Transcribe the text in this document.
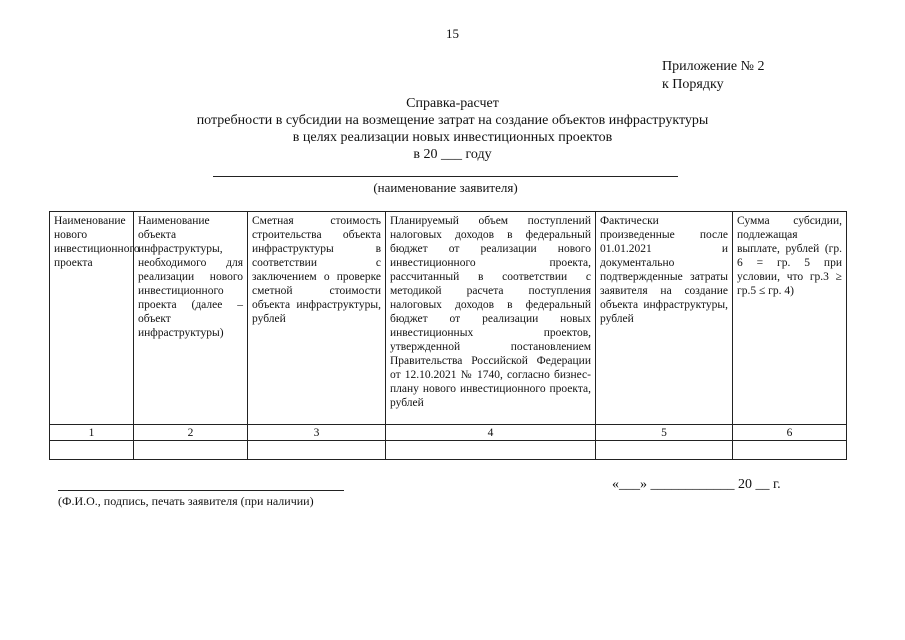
15
Приложение № 2
к Порядку
Справка-расчет
потребности в субсидии на возмещение затрат на создание объектов инфраструктуры
в целях реализации новых инвестиционных проектов
в 20 ___ году
(наименование заявителя)
Наименование нового инвестиционного проекта	Наименование объекта инфраструктуры, необходимого для реализации нового инвестиционного проекта (далее – объект инфраструктуры)	Сметная стоимость строительства объекта инфраструктуры в соответствии с заключением о проверке сметной стоимости объекта инфраструктуры, рублей	Планируемый объем поступлений налоговых доходов в федеральный бюджет от реализации нового инвестиционного проекта, рассчитанный в соответствии с методикой расчета поступления налоговых доходов в федеральный бюджет от реализации новых инвестиционных проектов, утвержденной постановлением Правительства Российской Федерации от 12.10.2021 № 1740, согласно бизнес-плану нового инвестиционного проекта, рублей	Фактически произведенные после 01.01.2021 и документально подтвержденные затраты заявителя на создание объекта инфраструктуры, рублей	Сумма субсидии, подлежащая выплате, рублей (гр. 6 = гр. 5 при условии, что гр.3 ≥ гр.5 ≤ гр. 4)
1	2	3	4	5	6

(Ф.И.О., подпись, печать заявителя (при наличии)
«___» ____________ 20 __ г.
